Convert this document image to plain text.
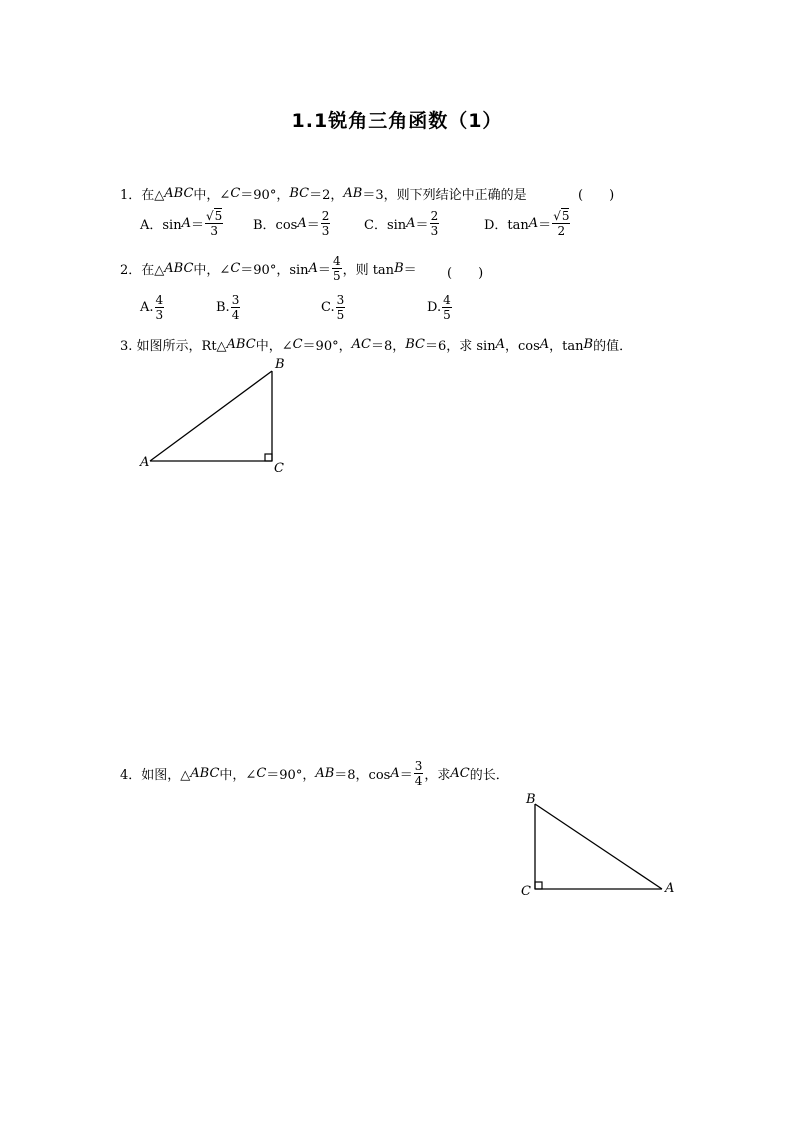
1.1锐角三角函数（1）
1． 在△ ABC 中，∠ C ＝90°， BC ＝2， AB ＝3，则下列结论中正确的是	(　　)
A．$\sin A = \frac{√5}{3}$ B．$\cos A = \frac{2}{3}$	C．$\sin A = \frac{2}{3}$	D．$\tan A = \frac{√5}{2}$
2． 在△ ABC 中，∠ C ＝90°，$\sin A = \frac{4}{5}$ ，则 tan B ＝ (　　)
A. $\frac{4}{3}$	B. $\frac{3}{4}$	C. $\frac{3}{5}$	D. $\frac{4}{5}$
3. 如图所示，Rt△ ABC 中，∠ C ＝90°， AC ＝8， BC ＝6，求 sin A ，cos A ，tan B 的值．
A
B
C
4． 如图，△ ABC 中，∠ C ＝90°， AB ＝8，$\cos A = \frac{3}{4}$ ，求 AC 的长．
B
C	A
